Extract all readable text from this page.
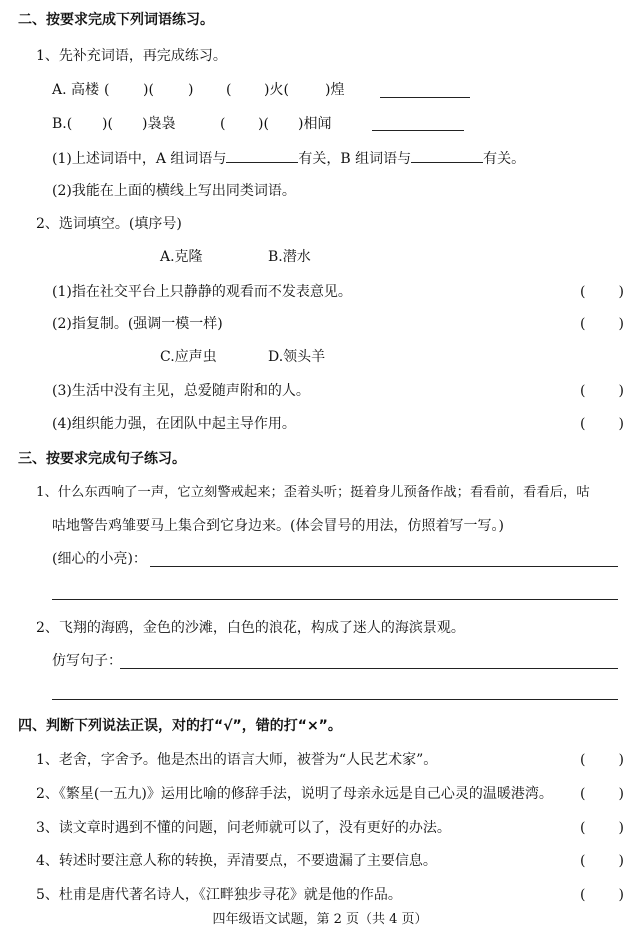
二、按要求完成下列词语练习。
1、先补充词语，再完成练习。
A. 高楼 ( )( ) ( )火(	)煌
B.( )( )袅袅	( )( )相闻
(1)上述词语中，A 组词语与	有关，B 组词语与	有关。
(2)我能在上面的横线上写出同类词语。
2、选词填空。(填序号)
A.克隆	B.潜水
(1)指在社交平台上只静静的观看而不发表意见。	( )
(2)指复制。(强调一模一样)	( )
C.应声虫	D.领头羊
(3)生活中没有主见，总爱随声附和的人。	( )
(4)组织能力强，在团队中起主导作用。	( )
三、按要求完成句子练习。
1、什么东西响了一声，它立刻警戒起来；歪着头听；挺着身儿预备作战；看看前，看看后，咕
咕地警告鸡雏要马上集合到它身边来。(体会冒号的用法，仿照着写一写。)
(细心的小亮)：
2、飞翔的海鸥，金色的沙滩，白色的浪花，构成了迷人的海滨景观。
仿写句子：
四、判断下列说法正误，对的打“√”，错的打“×”。
1、老舍，字舍予。他是杰出的语言大师，被誉为“人民艺术家”。	( )
2、《繁星(一五九)》运用比喻的修辞手法，说明了母亲永远是自己心灵的温暖港湾。 ( )
3、读文章时遇到不懂的问题，问老师就可以了，没有更好的办法。	( )
4、转述时要注意人称的转换，弄清要点，不要遗漏了主要信息。	( )
5、杜甫是唐代著名诗人，《江畔独步寻花》就是他的作品。	( )
四年级语文试题，第 2 页（共 4 页）
